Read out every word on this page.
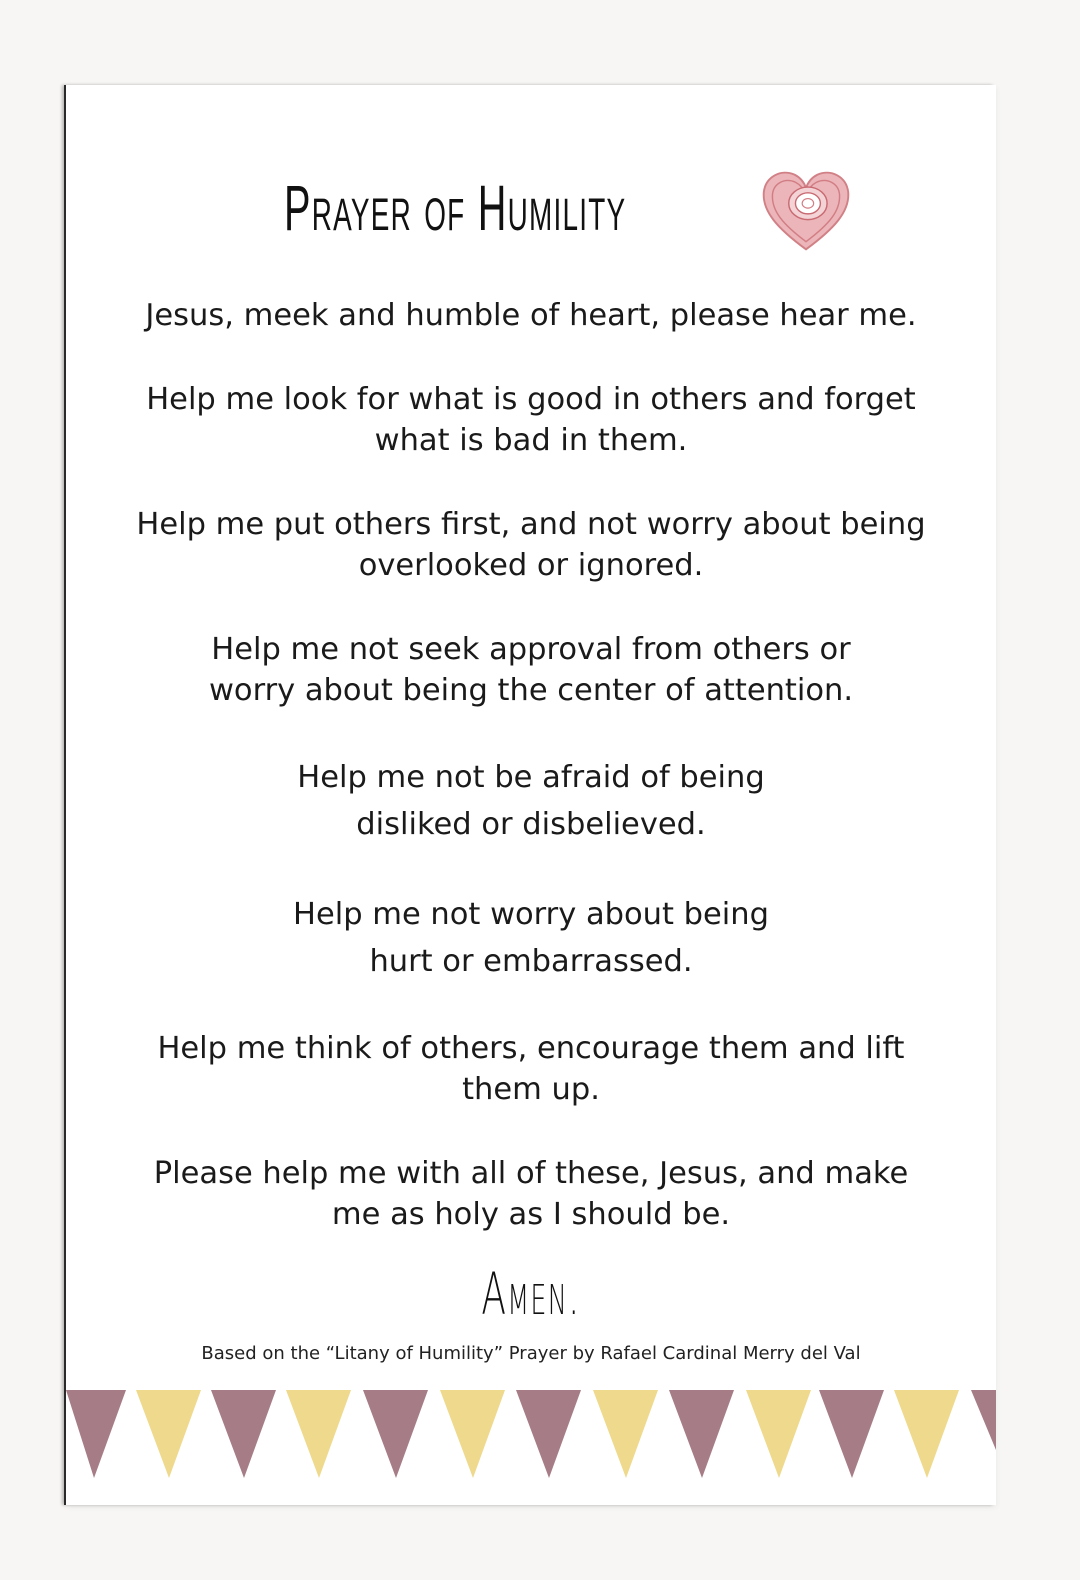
Prayer of Humility

Jesus, meek and humble of heart, please hear me.

Help me look for what is good in others and forget what is bad in them.

Help me put others first, and not worry about being overlooked or ignored.

Help me not seek approval from others or worry about being the center of attention.

Help me not be afraid of being disliked or disbelieved.

Help me not worry about being hurt or embarrassed.

Help me think of others, encourage them and lift them up.

Please help me with all of these, Jesus, and make me as holy as I should be.

Amen.
Based on the “Litany of Humility” Prayer by Rafael Cardinal Merry del Val
